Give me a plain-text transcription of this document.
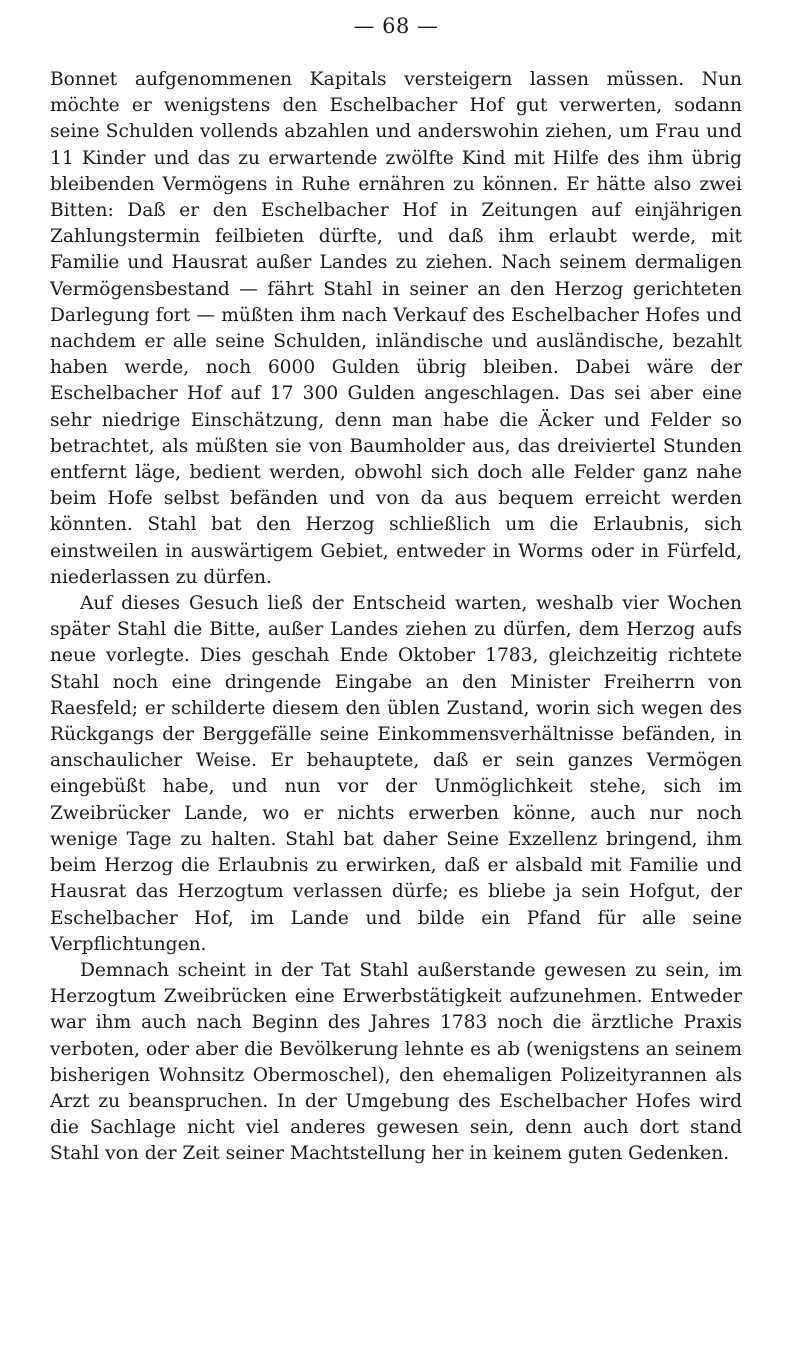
— 68 —

Bonnet aufgenommenen Kapitals versteigern lassen müssen. Nun möchte er wenigstens den Eschelbacher Hof gut verwerten, sodann seine Schulden vollends abzahlen und anderswohin ziehen, um Frau und 11 Kinder und das zu erwartende zwölfte Kind mit Hilfe des ihm übrig bleibenden Vermögens in Ruhe ernähren zu können. Er hätte also zwei Bitten: Daß er den Eschelbacher Hof in Zeitungen auf einjährigen Zahlungstermin feilbieten dürfte, und daß ihm erlaubt werde, mit Familie und Hausrat außer Landes zu ziehen. Nach seinem dermaligen Vermögensbestand — fährt Stahl in seiner an den Herzog gerichteten Darlegung fort — müßten ihm nach Verkauf des Eschelbacher Hofes und nachdem er alle seine Schulden, inländische und ausländische, bezahlt haben werde, noch 6000 Gulden übrig bleiben. Dabei wäre der Eschelbacher Hof auf 17 300 Gulden angeschlagen. Das sei aber eine sehr niedrige Einschätzung, denn man habe die Äcker und Felder so betrachtet, als müßten sie von Baumholder aus, das dreiviertel Stunden entfernt läge, bedient werden, obwohl sich doch alle Felder ganz nahe beim Hofe selbst befänden und von da aus bequem erreicht werden könnten. Stahl bat den Herzog schließlich um die Erlaubnis, sich einstweilen in auswärtigem Gebiet, entweder in Worms oder in Fürfeld, niederlassen zu dürfen.

Auf dieses Gesuch ließ der Entscheid warten, weshalb vier Wochen später Stahl die Bitte, außer Landes ziehen zu dürfen, dem Herzog aufs neue vorlegte. Dies geschah Ende Oktober 1783, gleichzeitig richtete Stahl noch eine dringende Eingabe an den Minister Freiherrn von Raesfeld; er schilderte diesem den üblen Zustand, worin sich wegen des Rückgangs der Berggefälle seine Einkommensverhältnisse befänden, in anschaulicher Weise. Er behauptete, daß er sein ganzes Vermögen eingebüßt habe, und nun vor der Unmöglichkeit stehe, sich im Zweibrücker Lande, wo er nichts erwerben könne, auch nur noch wenige Tage zu halten. Stahl bat daher Seine Exzellenz bringend, ihm beim Herzog die Erlaubnis zu erwirken, daß er alsbald mit Familie und Hausrat das Herzogtum verlassen dürfe; es bliebe ja sein Hofgut, der Eschelbacher Hof, im Lande und bilde ein Pfand für alle seine Verpflichtungen.

Demnach scheint in der Tat Stahl außerstande gewesen zu sein, im Herzogtum Zweibrücken eine Erwerbstätigkeit aufzunehmen. Entweder war ihm auch nach Beginn des Jahres 1783 noch die ärztliche Praxis verboten, oder aber die Bevölkerung lehnte es ab (wenigstens an seinem bisherigen Wohnsitz Obermoschel), den ehemaligen Polizeityrannen als Arzt zu beanspruchen. In der Umgebung des Eschelbacher Hofes wird die Sachlage nicht viel anderes gewesen sein, denn auch dort stand Stahl von der Zeit seiner Machtstellung her in keinem guten Gedenken.
